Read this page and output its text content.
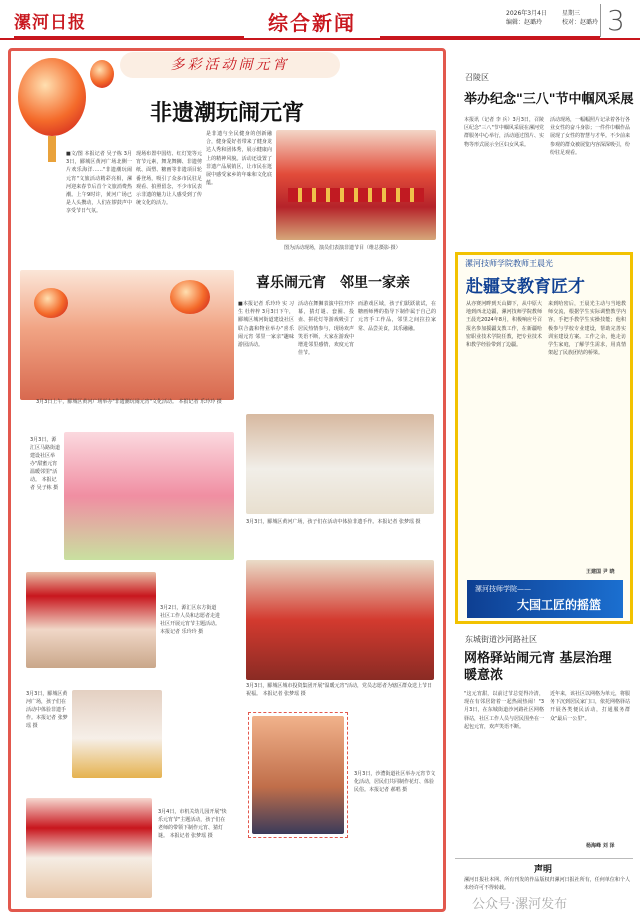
漯河日报	综合新闻	2026年3月4日
编辑：赵璐玲
星期三
校对：赵璐玲 3
多彩活动闹元宵
非遗潮玩闹元宵
■文/图 本报记者 吴子栋 3月3日，郾城区黄河广场北侧一片欢乐海洋……"非遗潮玩闹元宵"文旅活动精彩亮相，漯河迎来春节后首个文旅消费热潮。上午9时许，黄河广场已是人头攒动，人们在锣鼓声中享受节日气氛。
现场布置中国结、红灯笼等元宵节元素，舞龙舞狮、非遗剪纸、面塑、糖画等非遗项目轮番登场，吸引了众多市民驻足观看、拍照留念，不少市民表示非遗的魅力让人感受到了传统文化的活力。
是非遗与全民健身的创新融合，健身爱好者带来了健身龙达人秀和团体秀，展示健康向上的精神风貌。活动还设置了非遗产品展销区，让市民在逛展中感受家乡的年味和文化底蕴。
图为活动现场，演员们表演非遗节目（维总摄影·摄）
喜乐闹元宵　邻里一家亲
3月3日上午，郾城区黄河广场举办"非遗潮玩闹元宵"文化活动。 本报记者 乐玲玲 摄
■本报记者 乐玲玲 实 习 生 杜梓梓 3月3日下午，郾城区城河街道建设社区联合鑫和物业举办"喜乐闹元宵 邻里一家亲"趣味游园活动。
活动在舞狮表演中拉开序幕，猜灯谜、套圈、投壶、拼花灯等游戏吸引了居民热情参与，现场欢声笑语不断，大家在游戏中增进邻里感情，欢度元宵佳节。
而游戏区域，孩子们跃跃欲试，在糖画师傅的指导下制作属于自己的元宵手工作品，邻里之间拉拉家常、品尝美食，其乐融融。
3月3日，源汇区马路街道建设社区举办"甜蜜元宵 温暖邻里"活动。 本报记者 吴子栋 摄
3月3日，郾城区黄河广场，孩子们在活动中体验非遗手作。本报记者 张梦瑶 摄
3月2日，源汇区东方街道社区工作人员和志愿者走进社区开展元宵节主题活动。 本报记者 乐玲玲 摄
3月3日，郾城区城市投资集团开展"温暖元宵"活动，党员志愿者为辖区群众送上节日祝福。 本报记者 张梦瑶 摄
3月3日，郾城区黄河广场，孩子们在活动中体验非遗手作。本报记者 张梦瑶 摄
3月3日，沙澧街道社区举办元宵节文化活动，居民们共同制作花灯、体验民俗。本报记者 郝唱 摄
3月4日，市机关幼儿园开展"快乐元宵节"主题活动，孩子们在老师的带领下制作元宵、猜灯谜。 本报记者 张梦瑶 摄
召陵区
举办纪念"三八"节中帼风采展
本报讯（记者 李 兵）3月3日，召陵区纪念"三八"节中帼风采展在漯河党群服务中心举行，活动通过图片、实物等形式展示全区妇女风采。
活动现场，一幅幅照片记录着各行各业女性的奋斗身影；一件件巾帼作品展现了女性的智慧与才华。不少前来参观的群众被展览内容深深吸引，纷纷驻足观看。
漯河技师学院教师王晨光
赴疆支教育匠才
从亦赛河畔到天山脚下，从中原大地到西北边疆，漯河技师学院教师王晨光2024年8月，积极响应号召报名参加援疆支教工作，在新疆哈密职业技术学院任教，把专业技术和教学经验带到了边疆。
来到哈密后，王晨光主动与当地教师交流，根据学生实际调整教学内容，手把手教学生实操技能；他积极参与学校专业建设，帮助完善实训室建设方案。工作之余，他走访学生家庭，了解学生需求，用真情架起了民族团结的桥梁。
王建国 尹 晓
漯河技师学院——
大国工匠的摇篮
东城街道沙河路社区
网格驿站闹元宵 基层治理暖意浓
"这元宵甜，以前过节总觉得冷清，现在有邻居陪着一起热闹热闹！"3月3日，在东城街道沙河路社区网格驿站，社区工作人员与居民围坐在一起包元宵，欢声笑语不断。
近年来，该社区以网格为单元，将服务下沉到居民家门口，依托网格驿站开展各类便民活动，打通服务群众"最后一公里"。
杨海峰 刘 泽
声明
漯河日报社本网、所有刊发的作品版权归漯河日报社所有，任何单位和个人未经许可不得转载。
公众号·漯河发布
